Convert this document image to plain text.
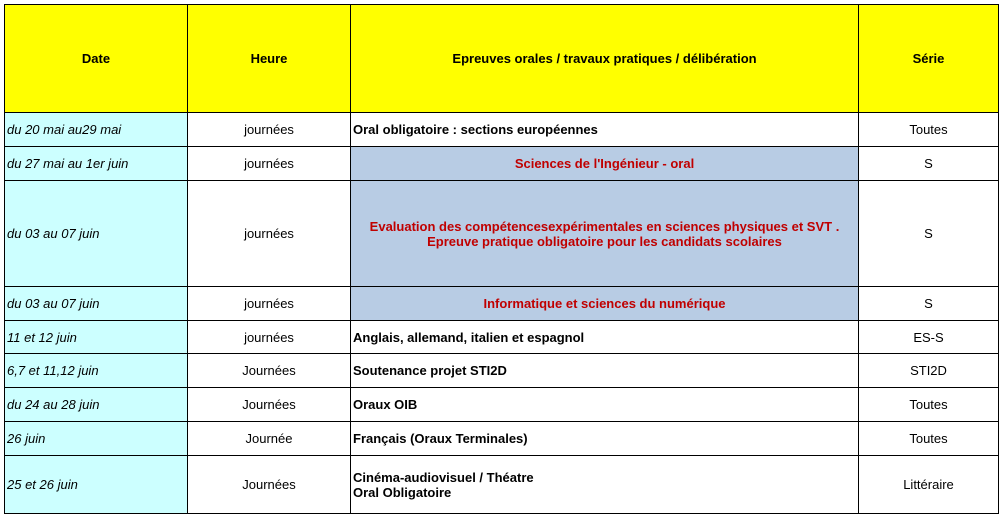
Date	Heure	Epreuves orales / travaux pratiques / délibération	Série
du 20 mai au29 mai	journées	Oral obligatoire : sections européennes	Toutes
du 27 mai au 1er juin	journées	Sciences de l'Ingénieur - oral	S
du 03 au 07 juin	journées	Evaluation des compétencesexpérimentales en sciences physiques et SVT .
Epreuve pratique obligatoire pour les candidats scolaires	S
du 03 au 07 juin	journées	Informatique et sciences du numérique	S
11 et 12 juin	journées	Anglais, allemand, italien et espagnol	ES-S
6,7 et 11,12 juin	Journées	Soutenance projet STI2D	STI2D
du 24 au 28 juin	Journées	Oraux OIB	Toutes
26 juin	Journée	Français (Oraux Terminales)	Toutes
25 et 26 juin	Journées	Cinéma-audiovisuel / Théatre
Oral Obligatoire	Littéraire
